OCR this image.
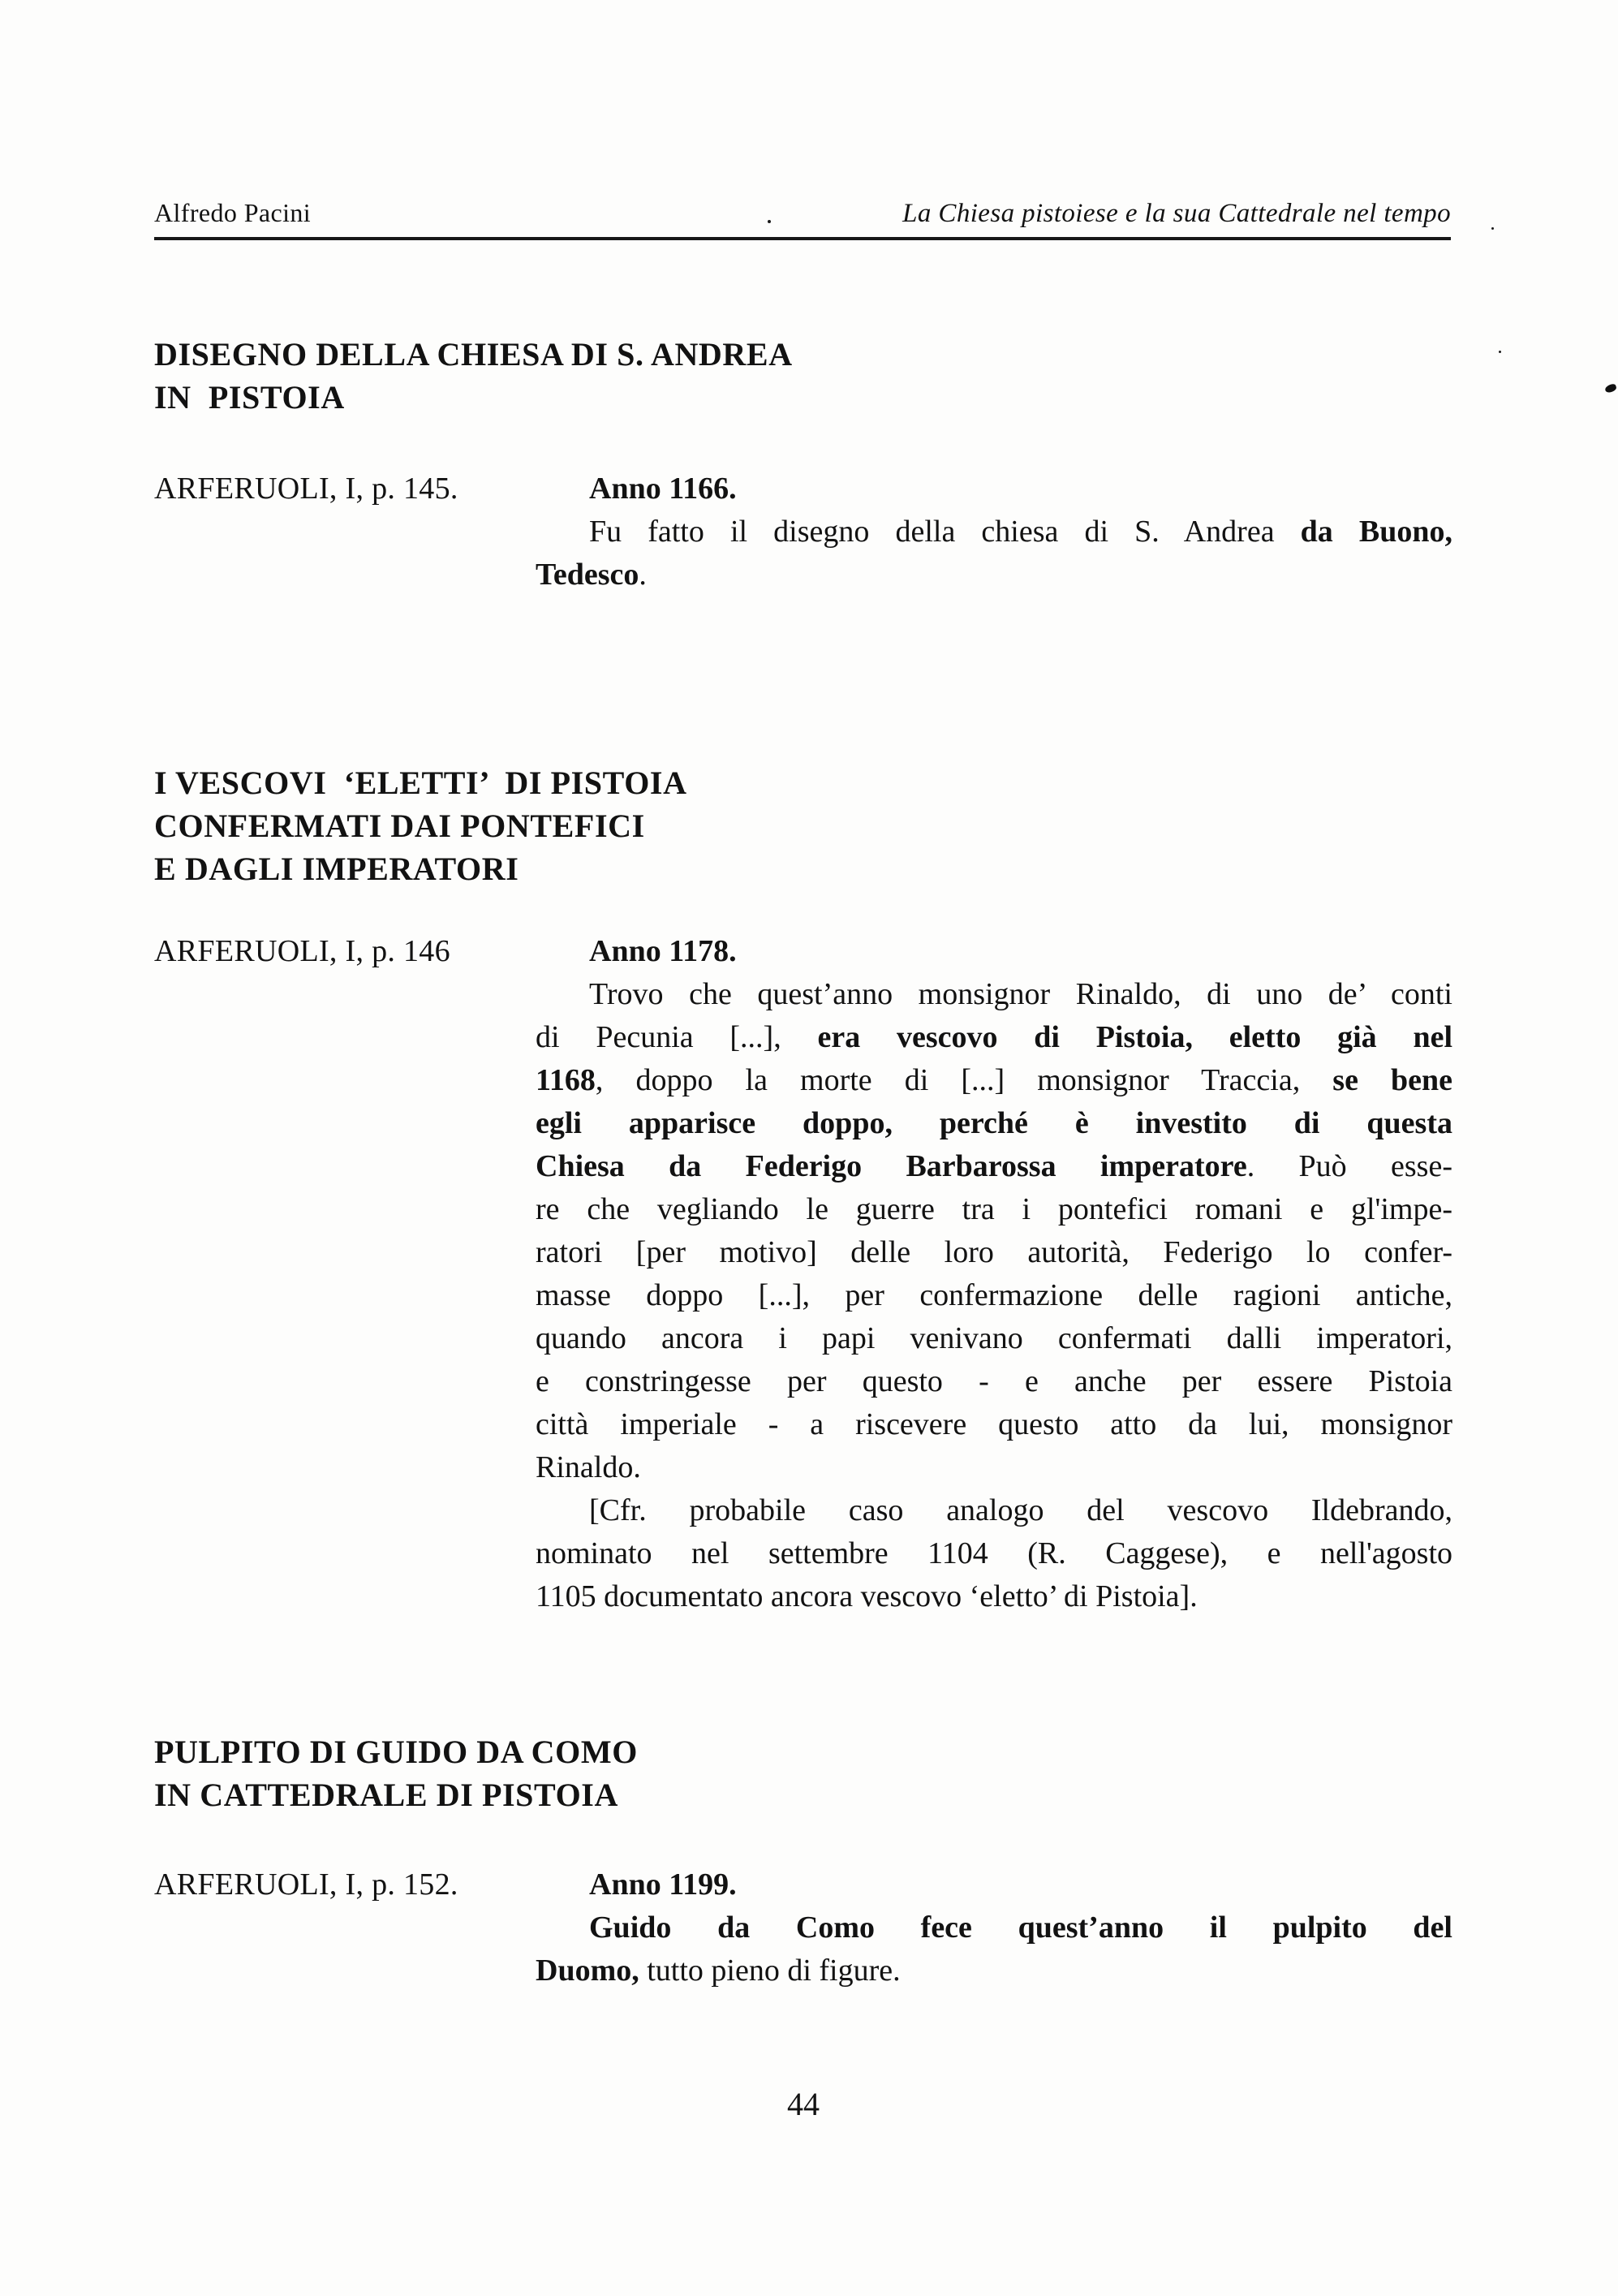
Alfredo Pacini	La Chiesa pistoiese e la sua Cattedrale nel tempo
DISEGNO DELLA CHIESA DI S. ANDREA
IN  PISTOIA
ARFERUOLI, I, p. 145.	Anno 1166.
Fu fatto il disegno della chiesa di S. Andrea da Buono,
Tedesco.
I VESCOVI  ‘ELETTI’  DI PISTOIA
CONFERMATI DAI PONTEFICI
E DAGLI IMPERATORI
ARFERUOLI, I, p. 146	Anno 1178.
Trovo che quest’anno monsignor Rinaldo, di uno de’ conti
di Pecunia [...], era vescovo di Pistoia, eletto già nel
1168, doppo la morte di [...] monsignor Traccia, se bene
egli apparisce doppo, perché è investito di questa
Chiesa da Federigo Barbarossa imperatore. Può esse-
re che vegliando le guerre tra i pontefici romani e gl'impe-
ratori [per motivo] delle loro autorità, Federigo lo confer-
masse doppo [...], per confermazione delle ragioni antiche,
quando ancora i papi venivano confermati dalli imperatori,
e constringesse per questo - e anche per essere Pistoia
città imperiale - a riscevere questo atto da lui, monsignor
Rinaldo.
[Cfr. probabile caso analogo del vescovo Ildebrando,
nominato nel settembre 1104 (R. Caggese), e nell'agosto
1105 documentato ancora vescovo ‘eletto’ di Pistoia].
PULPITO DI GUIDO DA COMO
IN CATTEDRALE DI PISTOIA
ARFERUOLI, I, p. 152.	Anno 1199.
Guido da Como fece quest’anno il pulpito del
Duomo, tutto pieno di figure.
44
